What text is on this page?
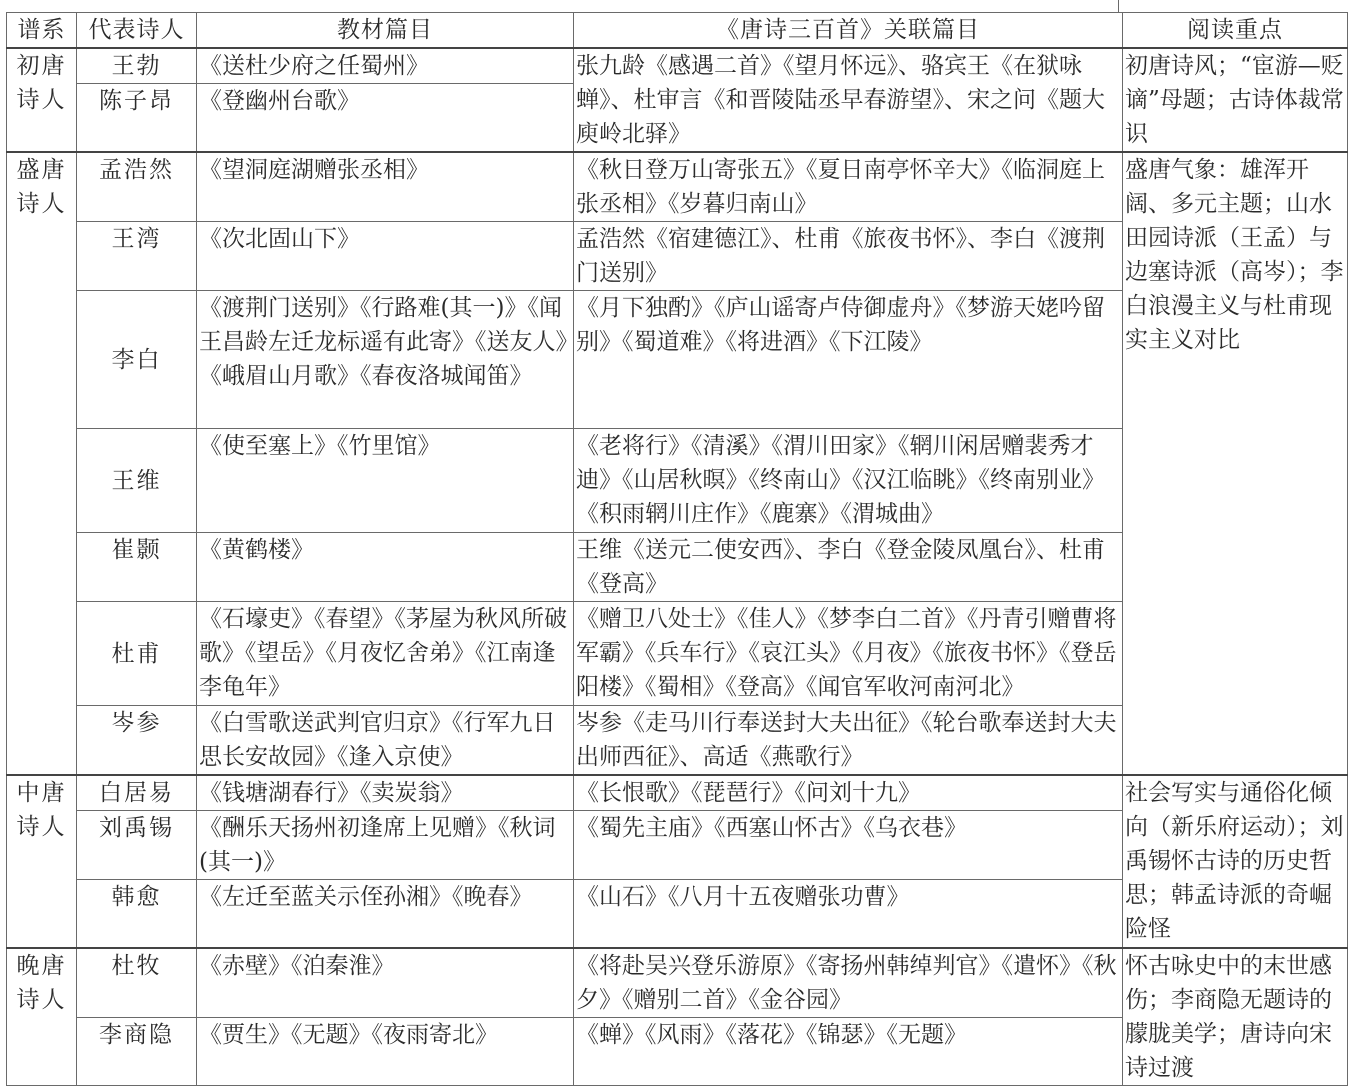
谱系	代表诗人	教材篇目	《唐诗三百首》关联篇目	阅读重点
初唐诗人	王勃	《送杜少府之任蜀州》	张九龄《感遇二首》《望月怀远》、骆宾王《在狱咏蝉》、杜审言《和晋陵陆丞早春游望》、宋之问《题大庾岭北驿》	初唐诗风；“宦游—贬谪”母题；古诗体裁常识
	陈子昂	《登幽州台歌》		
盛唐诗人	孟浩然	《望洞庭湖赠张丞相》	《秋日登万山寄张五》《夏日南亭怀辛大》《临洞庭上张丞相》《岁暮归南山》	盛唐气象：雄浑开阔、多元主题；山水田园诗派（王孟）与边塞诗派（高岑）；李白浪漫主义与杜甫现实主义对比
	王湾	《次北固山下》	孟浩然《宿建德江》、杜甫《旅夜书怀》、李白《渡荆门送别》	
	李白	《渡荆门送别》《行路难(其一)》《闻王昌龄左迁龙标遥有此寄》《送友人》《峨眉山月歌》《春夜洛城闻笛》	《月下独酌》《庐山谣寄卢侍御虚舟》《梦游天姥吟留别》《蜀道难》《将进酒》《下江陵》	
	王维	《使至塞上》《竹里馆》	《老将行》《清溪》《渭川田家》《辋川闲居赠裴秀才迪》《山居秋暝》《终南山》《汉江临眺》《终南别业》《积雨辋川庄作》《鹿寨》《渭城曲》	
	崔颢	《黄鹤楼》	王维《送元二使安西》、李白《登金陵凤凰台》、杜甫《登高》	
	杜甫	《石壕吏》《春望》《茅屋为秋风所破歌》《望岳》《月夜忆舍弟》《江南逢李龟年》	《赠卫八处士》《佳人》《梦李白二首》《丹青引赠曹将军霸》《兵车行》《哀江头》《月夜》《旅夜书怀》《登岳阳楼》《蜀相》《登高》《闻官军收河南河北》	
	岑参	《白雪歌送武判官归京》《行军九日思长安故园》《逢入京使》	岑参《走马川行奉送封大夫出征》《轮台歌奉送封大夫出师西征》、高适《燕歌行》	
中唐诗人	白居易	《钱塘湖春行》《卖炭翁》	《长恨歌》《琵琶行》《问刘十九》	社会写实与通俗化倾向（新乐府运动）；刘禹锡怀古诗的历史哲思；韩孟诗派的奇崛险怪
	刘禹锡	《酬乐天扬州初逢席上见赠》《秋词(其一)》	《蜀先主庙》《西塞山怀古》《乌衣巷》	
	韩愈	《左迁至蓝关示侄孙湘》《晚春》	《山石》《八月十五夜赠张功曹》	
晚唐诗人	杜牧	《赤壁》《泊秦淮》	《将赴吴兴登乐游原》《寄扬州韩绰判官》《遣怀》《秋夕》《赠别二首》《金谷园》	怀古咏史中的末世感伤；李商隐无题诗的朦胧美学；唐诗向宋诗过渡
	李商隐	《贾生》《无题》《夜雨寄北》	《蝉》《风雨》《落花》《锦瑟》《无题》	
